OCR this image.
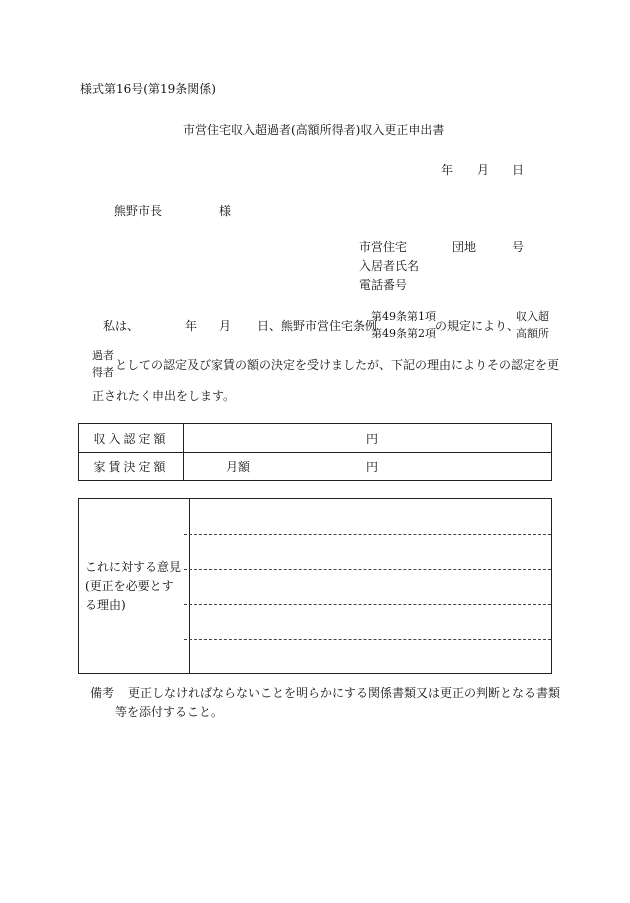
様式第16号(第19条関係)
市営住宅収入超過者(高額所得者)収入更正申出書
年 月 日
熊野市長	様
市営住宅	団地	号
入居者氏名
電話番号
私は、	年 月 日、熊野市営住宅条例
第49条第1項
第49条第2項
の規定により、
収入超
高額所
過者
得者
としての認定及び家賃の額の決定を受けましたが、下記の理由によりその認定を更
正されたく申出をします。
収入認定額	円
家賃決定額	月額 円
これに対する意見
(更正を必要とす
る理由)

備考 更正しなければならないことを明らかにする関係書類又は更正の判断となる書類
等を添付すること。
